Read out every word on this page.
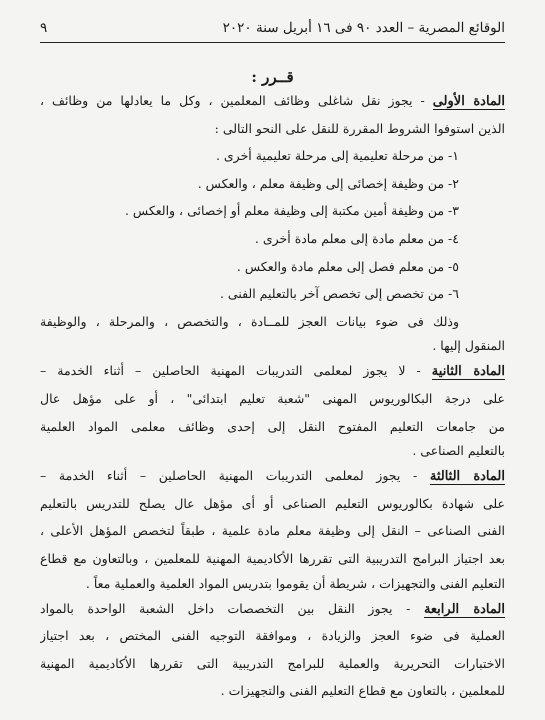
الوقائع المصرية – العدد ٩٠ فى ١٦ أبريل سنة ٢٠٢٠
٩
قــرر :
المادة الأولى - يجوز نقل شاغلى وظائف المعلمين ، وكل ما يعادلها من وظائف ،
الذين استوفوا الشروط المقررة للنقل على النحو التالى :
١- من مرحلة تعليمية إلى مرحلة تعليمية أخرى .
٢- من وظيفة إخصائى إلى وظيفة معلم ، والعكس .
٣- من وظيفة أمين مكتبة إلى وظيفة معلم أو إخصائى ، والعكس .
٤- من معلم مادة إلى معلم مادة أخرى .
٥- من معلم فصل إلى معلم مادة والعكس .
٦- من تخصص إلى تخصص آخر بالتعليم الفنى .
وذلك فى ضوء بيانات العجز للمــادة ، والتخصص ، والمرحلة ، والوظيفة
المنقول إليها .
المادة الثانية - لا يجوز لمعلمى التدريبات المهنية الحاصلين – أثناء الخدمة –
على درجة البكالوريوس المهنى "شعبة تعليم ابتدائى" ، أو على مؤهل عال
من جامعات التعليم المفتوح النقل إلى إحدى وظائف معلمى المواد العلمية
بالتعليم الصناعى .
المادة الثالثة - يجوز لمعلمى التدريبات المهنية الحاصلين – أثناء الخدمة –
على شهادة بكالوريوس التعليم الصناعى أو أى مؤهل عال يصلح للتدريس بالتعليم
الفنى الصناعى – النقل إلى وظيفة معلم مادة علمية ، طبقاً لتخصص المؤهل الأعلى ،
بعد اجتياز البرامج التدريبية التى تقررها الأكاديمية المهنية للمعلمين ، وبالتعاون مع قطاع
التعليم الفنى والتجهيزات ، شريطة أن يقوموا بتدريس المواد العلمية والعملية معاً .
المادة الرابعة - يجوز النقل بين التخصصات داخل الشعبة الواحدة بالمواد
العملية فى ضوء العجز والزيادة ، وموافقة التوجيه الفنى المختص ، بعد اجتياز
الاختبارات التحريرية والعملية للبرامج التدريبية التى تقررها الأكاديمية المهنية
للمعلمين ، بالتعاون مع قطاع التعليم الفنى والتجهيزات .
